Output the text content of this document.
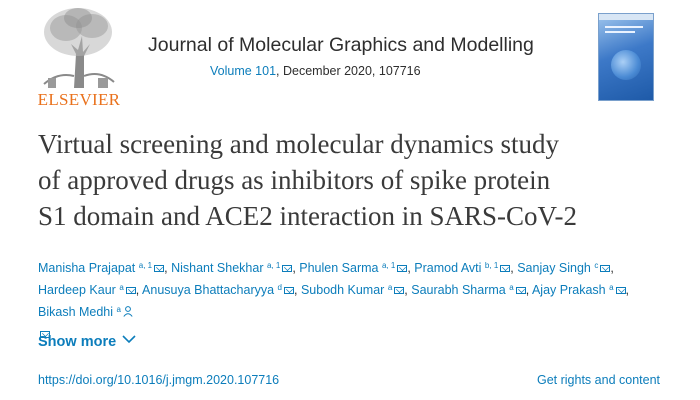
ELSEVIER
Journal of Molecular Graphics and Modelling
Volume 101, December 2020, 107716
Virtual screening and molecular dynamics study
of approved drugs as inhibitors of spike protein
S1 domain and ACE2 interaction in SARS-CoV-2
Manisha Prajapat $^{a, 1}$ , Nishant Shekhar $^{a, 1}$ , Phulen Sarma $^{a, 1}$ , Pramod Avti $^{b, 1}$ , Sanjay Singh $^c$ , Hardeep Kaur $^a$ , Anusuya Bhattacharyya $^d$ , Subodh Kumar $^a$ , Saurabh Sharma $^a$ , Ajay Prakash $^a$ , Bikash Medhi $^a$

Show more
https://doi.org/10.1016/j.jmgm.2020.107716	Get rights and content
